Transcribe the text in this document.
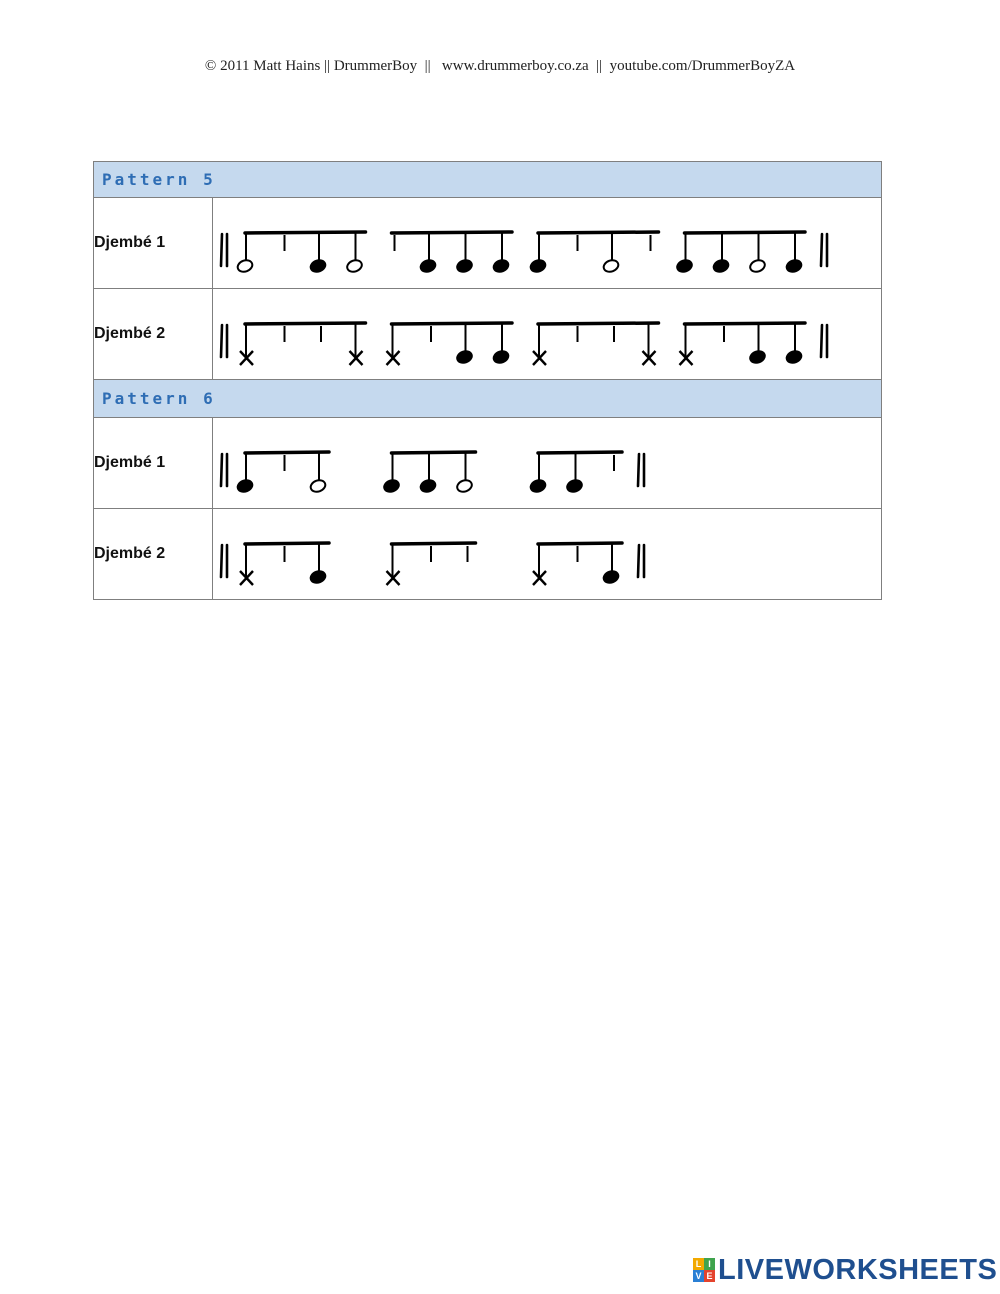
© 2011 Matt Hains || DrummerBoy  ||   www.drummerboy.co.za  ||  youtube.com/DrummerBoyZA
Pattern 5	
Djembé 1	

Djembé 2	

Pattern 6	
Djembé 1	

Djembé 2	
L I
V E LIVEWORKSHEETS
